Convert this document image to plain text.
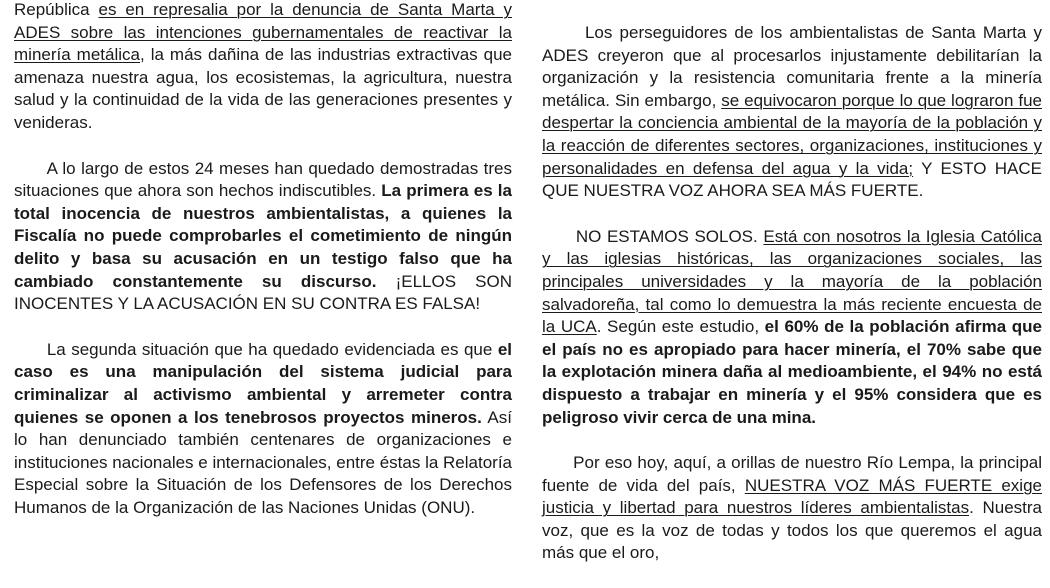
República es en represalia por la denuncia de Santa Marta y ADES sobre las intenciones gubernamentales de reactivar la minería metálica, la más dañina de las industrias extractivas que amenaza nuestra agua, los ecosistemas, la agricultura, nuestra salud y la continuidad de la vida de las generaciones presentes y venideras.

A lo largo de estos 24 meses han quedado demostradas tres situaciones que ahora son hechos indiscutibles. La primera es la total inocencia de nuestros ambientalistas, a quienes la Fiscalía no puede comprobarles el cometimiento de ningún delito y basa su acusación en un testigo falso que ha cambiado constantemente su discurso. ¡ELLOS SON INOCENTES Y LA ACUSACIÓN EN SU CONTRA ES FALSA!

La segunda situación que ha quedado evidenciada es que el caso es una manipulación del sistema judicial para criminalizar al activismo ambiental y arremeter contra quienes se oponen a los tenebrosos proyectos mineros. Así lo han denunciado también centenares de organizaciones e instituciones nacionales e internacionales, entre éstas la Relatoría Especial sobre la Situación de los Defensores de los Derechos Humanos de la Organización de las Naciones Unidas (ONU).

Los perseguidores de los ambientalistas de Santa Marta y ADES creyeron que al procesarlos injustamente debilitarían la organización y la resistencia comunitaria frente a la minería metálica. Sin embargo, se equivocaron porque lo que lograron fue despertar la conciencia ambiental de la mayoría de la población y la reacción de diferentes sectores, organizaciones, instituciones y personalidades en defensa del agua y la vida; Y ESTO HACE QUE NUESTRA VOZ AHORA SEA MÁS FUERTE.

NO ESTAMOS SOLOS. Está con nosotros la Iglesia Católica y las iglesias históricas, las organizaciones sociales, las principales universidades y la mayoría de la población salvadoreña, tal como lo demuestra la más reciente encuesta de la UCA. Según este estudio, el 60% de la población afirma que el país no es apropiado para hacer minería, el 70% sabe que la explotación minera daña al medioambiente, el 94% no está dispuesto a trabajar en minería y el 95% considera que es peligroso vivir cerca de una mina.

Por eso hoy, aquí, a orillas de nuestro Río Lempa, la principal fuente de vida del país, NUESTRA VOZ MÁS FUERTE exige justicia y libertad para nuestros líderes ambientalistas. Nuestra voz, que es la voz de todas y todos los que queremos el agua más que el oro,
